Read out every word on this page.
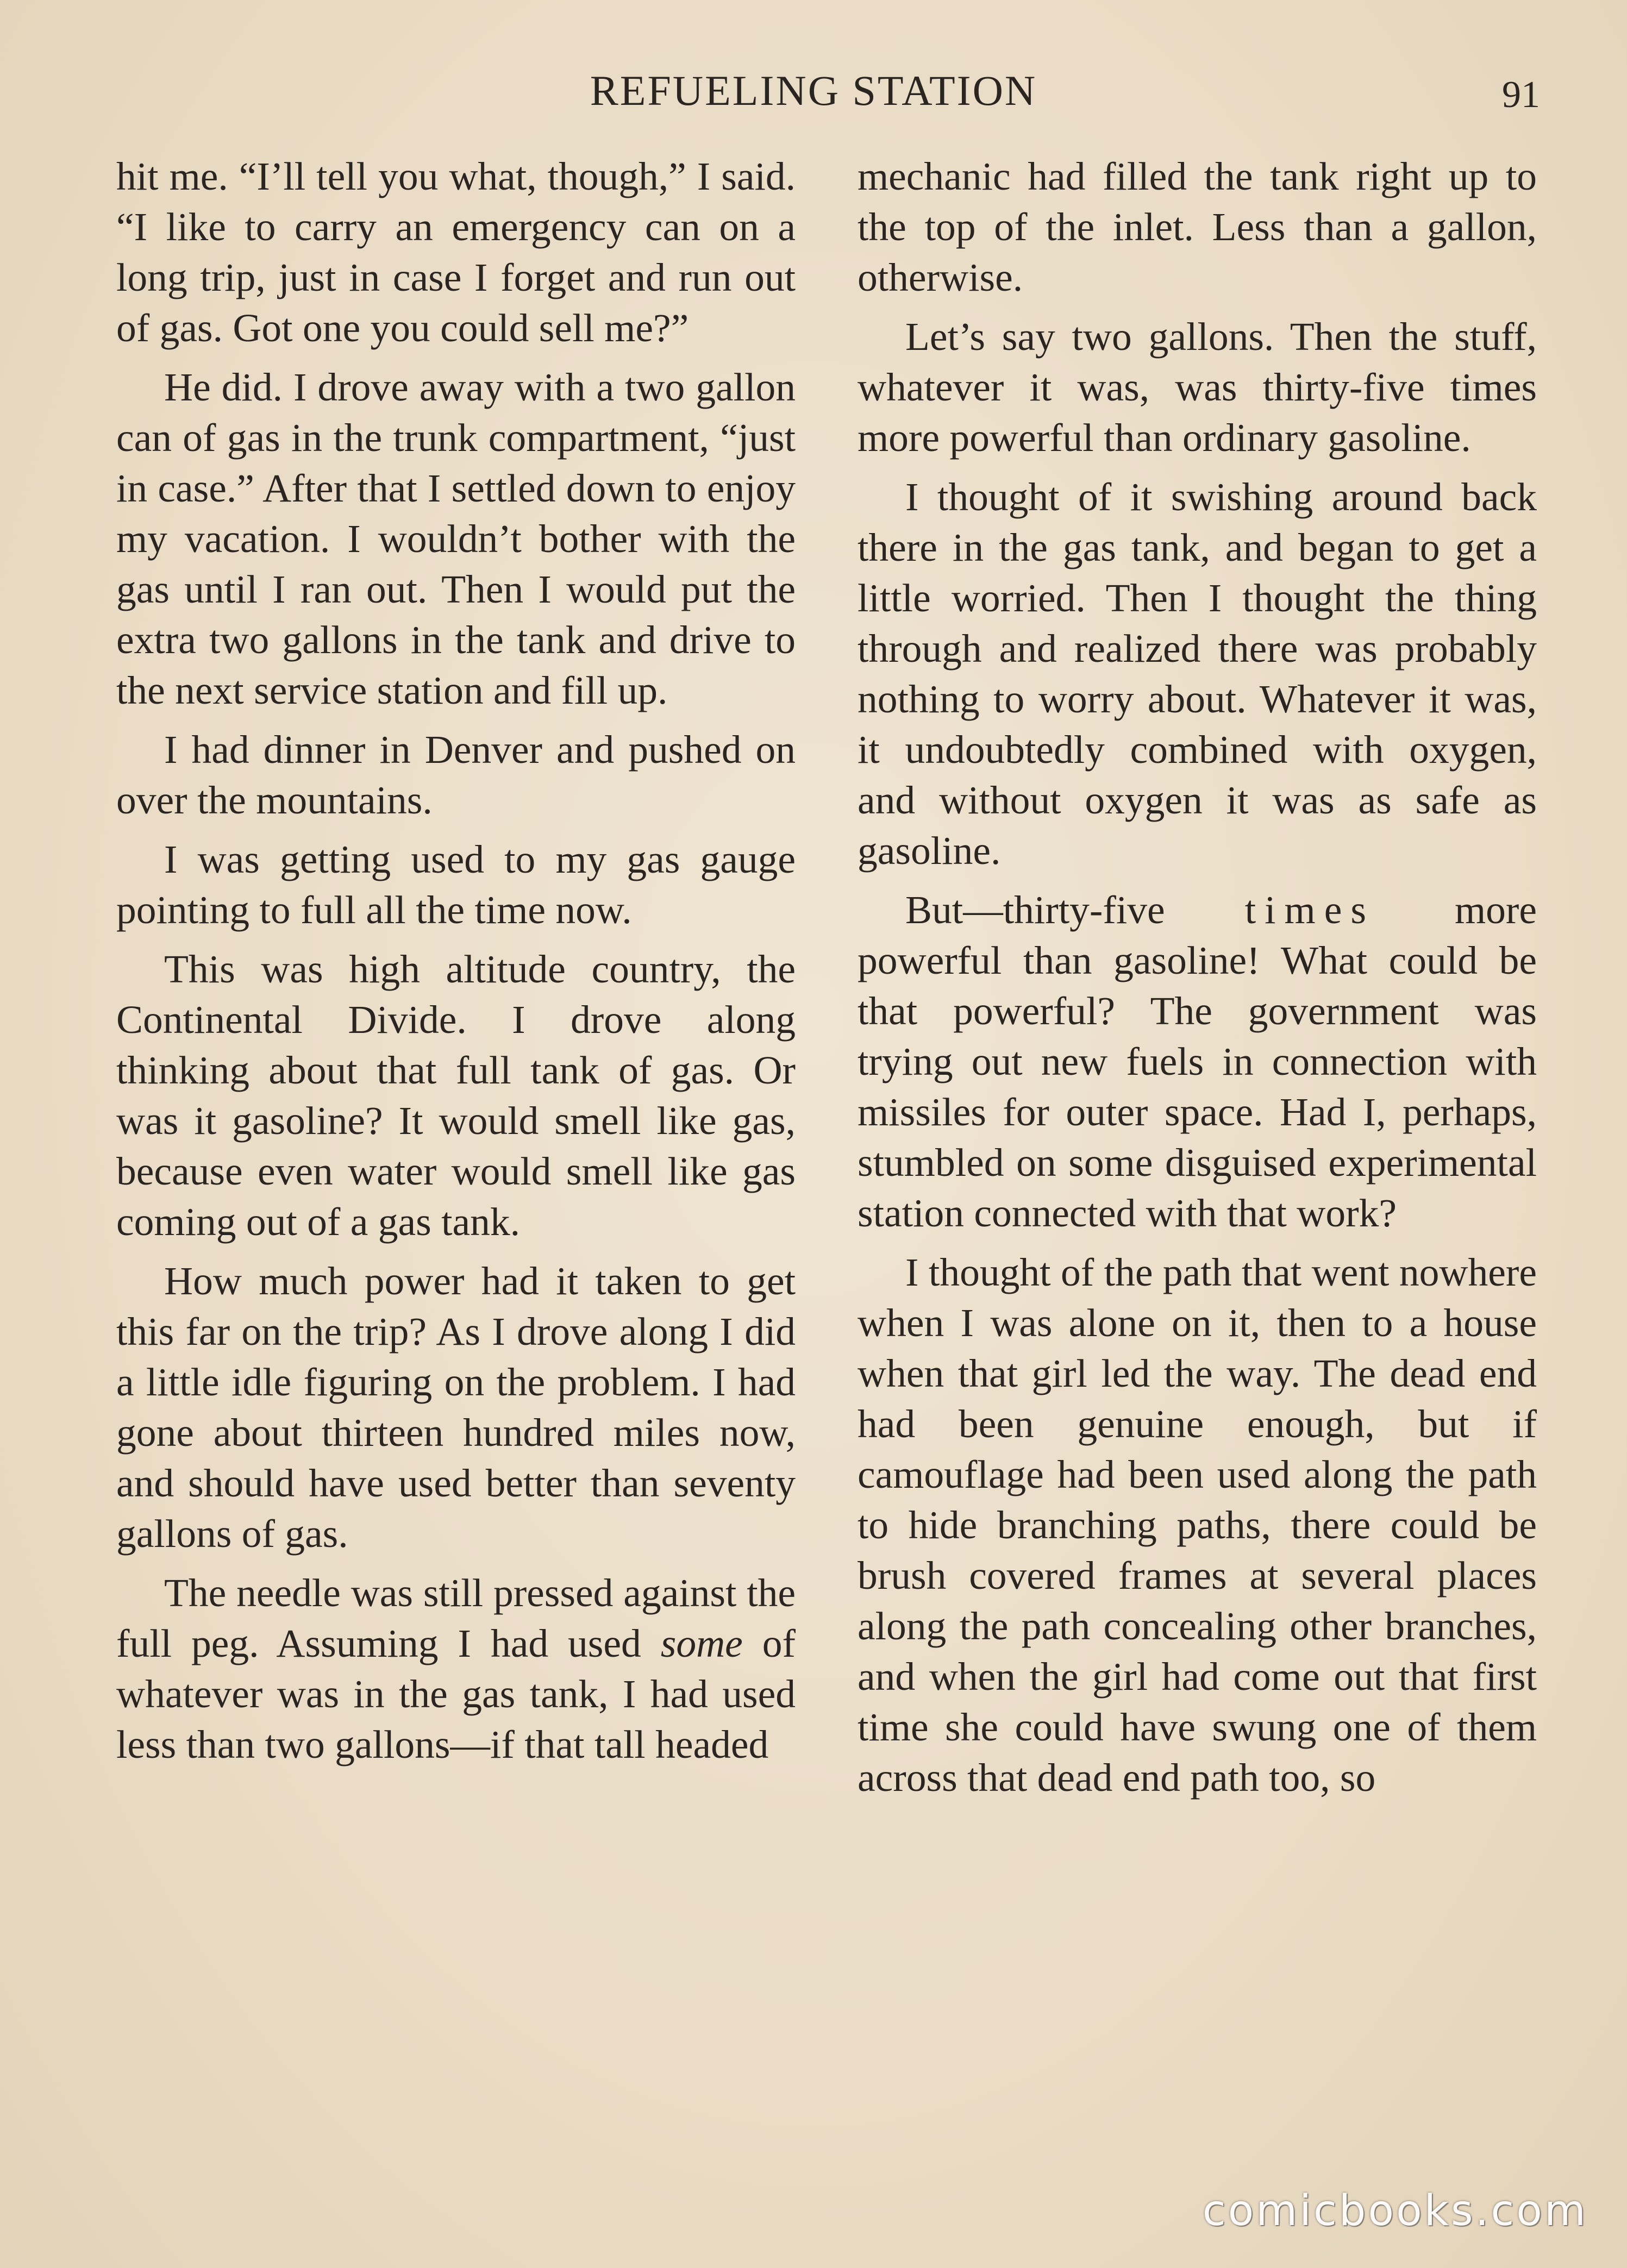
REFUELING STATION	91

hit me. “I’ll tell you what, though,” I said. “I like to carry an emergency can on a long trip, just in case I forget and run out of gas. Got one you could sell me?”

He did. I drove away with a two gallon can of gas in the trunk compartment, “just in case.” After that I settled down to enjoy my vacation. I wouldn’t bother with the gas until I ran out. Then I would put the extra two gallons in the tank and drive to the next service station and fill up.

I had dinner in Denver and pushed on over the mountains.

I was getting used to my gas gauge pointing to full all the time now.

This was high altitude country, the Continental Divide. I drove along thinking about that full tank of gas. Or was it gasoline? It would smell like gas, because even water would smell like gas coming out of a gas tank.

How much power had it taken to get this far on the trip? As I drove along I did a little idle figuring on the problem. I had gone about thirteen hundred miles now, and should have used better than seventy gallons of gas.

The needle was still pressed against the full peg. Assuming I had used some of whatever was in the gas tank, I had used less than two gallons—if that tall headed

mechanic had filled the tank right up to the top of the inlet. Less than a gallon, otherwise.

Let’s say two gallons. Then the stuff, whatever it was, was thirty-five times more powerful than ordinary gasoline.

I thought of it swishing around back there in the gas tank, and began to get a little worried. Then I thought the thing through and realized there was probably nothing to worry about. Whatever it was, it undoubtedly combined with oxygen, and without oxygen it was as safe as gasoline.

But—thirty-five times more powerful than gasoline! What could be that powerful? The government was trying out new fuels in connection with missiles for outer space. Had I, perhaps, stumbled on some disguised experimental station connected with that work?

I thought of the path that went nowhere when I was alone on it, then to a house when that girl led the way. The dead end had been genuine enough, but if camouflage had been used along the path to hide branching paths, there could be brush covered frames at several places along the path concealing other branches, and when the girl had come out that first time she could have swung one of them across that dead end path too, so

comicbooks.com
